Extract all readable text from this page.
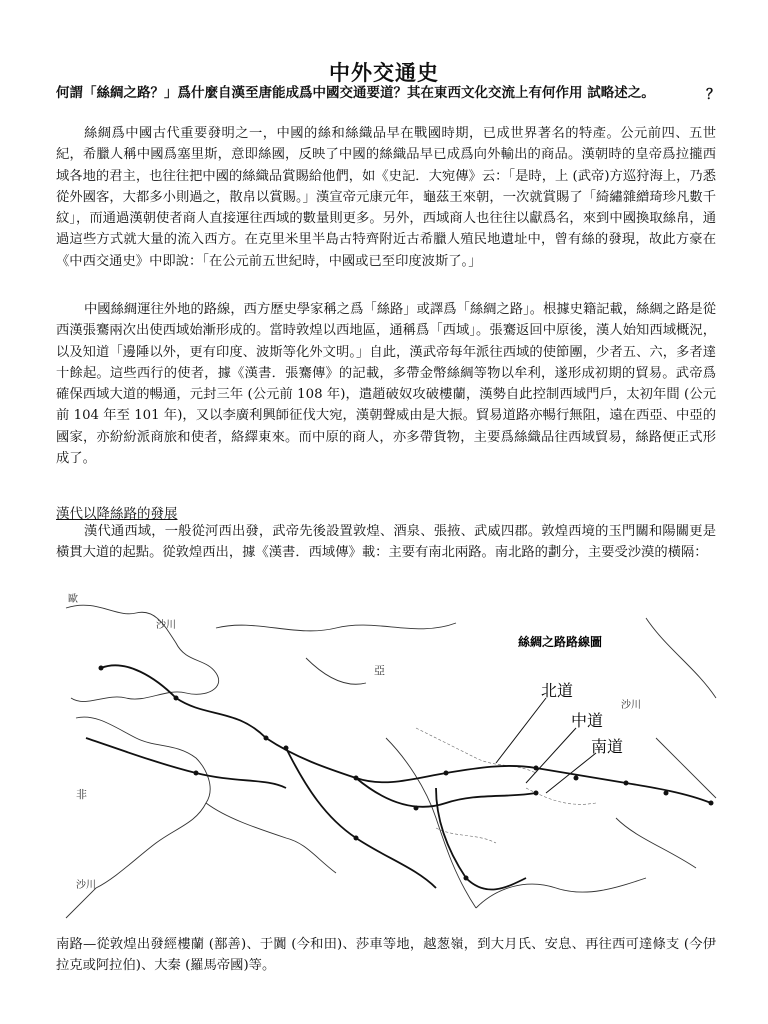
中外交通史
何謂「絲綢之路？」爲什麼自漢至唐能成爲中國交通要道？其在東西文化交流上有何作用 試略述之。	？

絲綢爲中國古代重要發明之一，中國的絲和絲織品早在戰國時期，已成世界著名的特產。公元前四、五世紀，希臘人稱中國爲塞里斯，意即絲國，反映了中國的絲織品早已成爲向外輸出的商品。漢朝時的皇帝爲拉攏西域各地的君主，也往往把中國的絲織品賞賜給他們，如《史記．大宛傳》云：「是時，上 (武帝)方巡狩海上，乃悉從外國客，大都多小則過之，散帛以賞賜。」漢宣帝元康元年，龜茲王來朝，一次就賞賜了「綺繡雜繒琦珍凡數千紋」，而通過漢朝使者商人直接運往西域的數量則更多。另外，西域商人也往往以獻爲名，來到中國換取絲帛，通過這些方式就大量的流入西方。在克里米里半島古特齊附近古希臘人殖民地遺址中，曾有絲的發現，故此方豪在《中西交通史》中即說：「在公元前五世紀時，中國或已至印度波斯了。」

中國絲綢運往外地的路線，西方歷史學家稱之爲「絲路」或譯爲「絲綢之路」。根據史籍記載，絲綢之路是從西漢張騫兩次出使西域始漸形成的。當時敦煌以西地區，通稱爲「西域」。張騫返回中原後，漢人始知西域概況，以及知道「邊陲以外，更有印度、波斯等化外文明。」自此，漢武帝每年派往西域的使節團，少者五、六，多者達十餘起。這些西行的使者，據《漢書．張騫傳》的記載，多帶金幣絲綢等物以牟利，遂形成初期的貿易。武帝爲確保西域大道的暢通，元封三年 (公元前 108 年)，遣趙破奴攻破樓蘭，漢勢自此控制西域門戶，太初年間 (公元前 104 年至 101 年)，又以李廣利興師征伐大宛，漢朝聲威由是大振。貿易道路亦暢行無阻，遠在西亞、中亞的國家，亦紛紛派商旅和使者，絡繹東來。而中原的商人，亦多帶貨物，主要爲絲織品往西域貿易，絲路便正式形成了。

漢代以降絲路的發展

漢代通西域，一般從河西出發，武帝先後設置敦煌、酒泉、張掖、武威四郡。敦煌西境的玉門關和陽關更是橫貫大道的起點。從敦煌西出，據《漢書．西域傳》載：主要有南北兩路。南北路的劃分，主要受沙漠的橫隔：

絲綢之路路線圖
北道
中道
南道
沙川
亞
非
沙川
沙川
歐

南路—從敦煌出發經樓蘭 (鄯善)、于闐 (今和田)、莎車等地，越葱嶺，到大月氏、安息、再往西可達條支 (今伊拉克或阿拉伯)、大秦 (羅馬帝國)等。
